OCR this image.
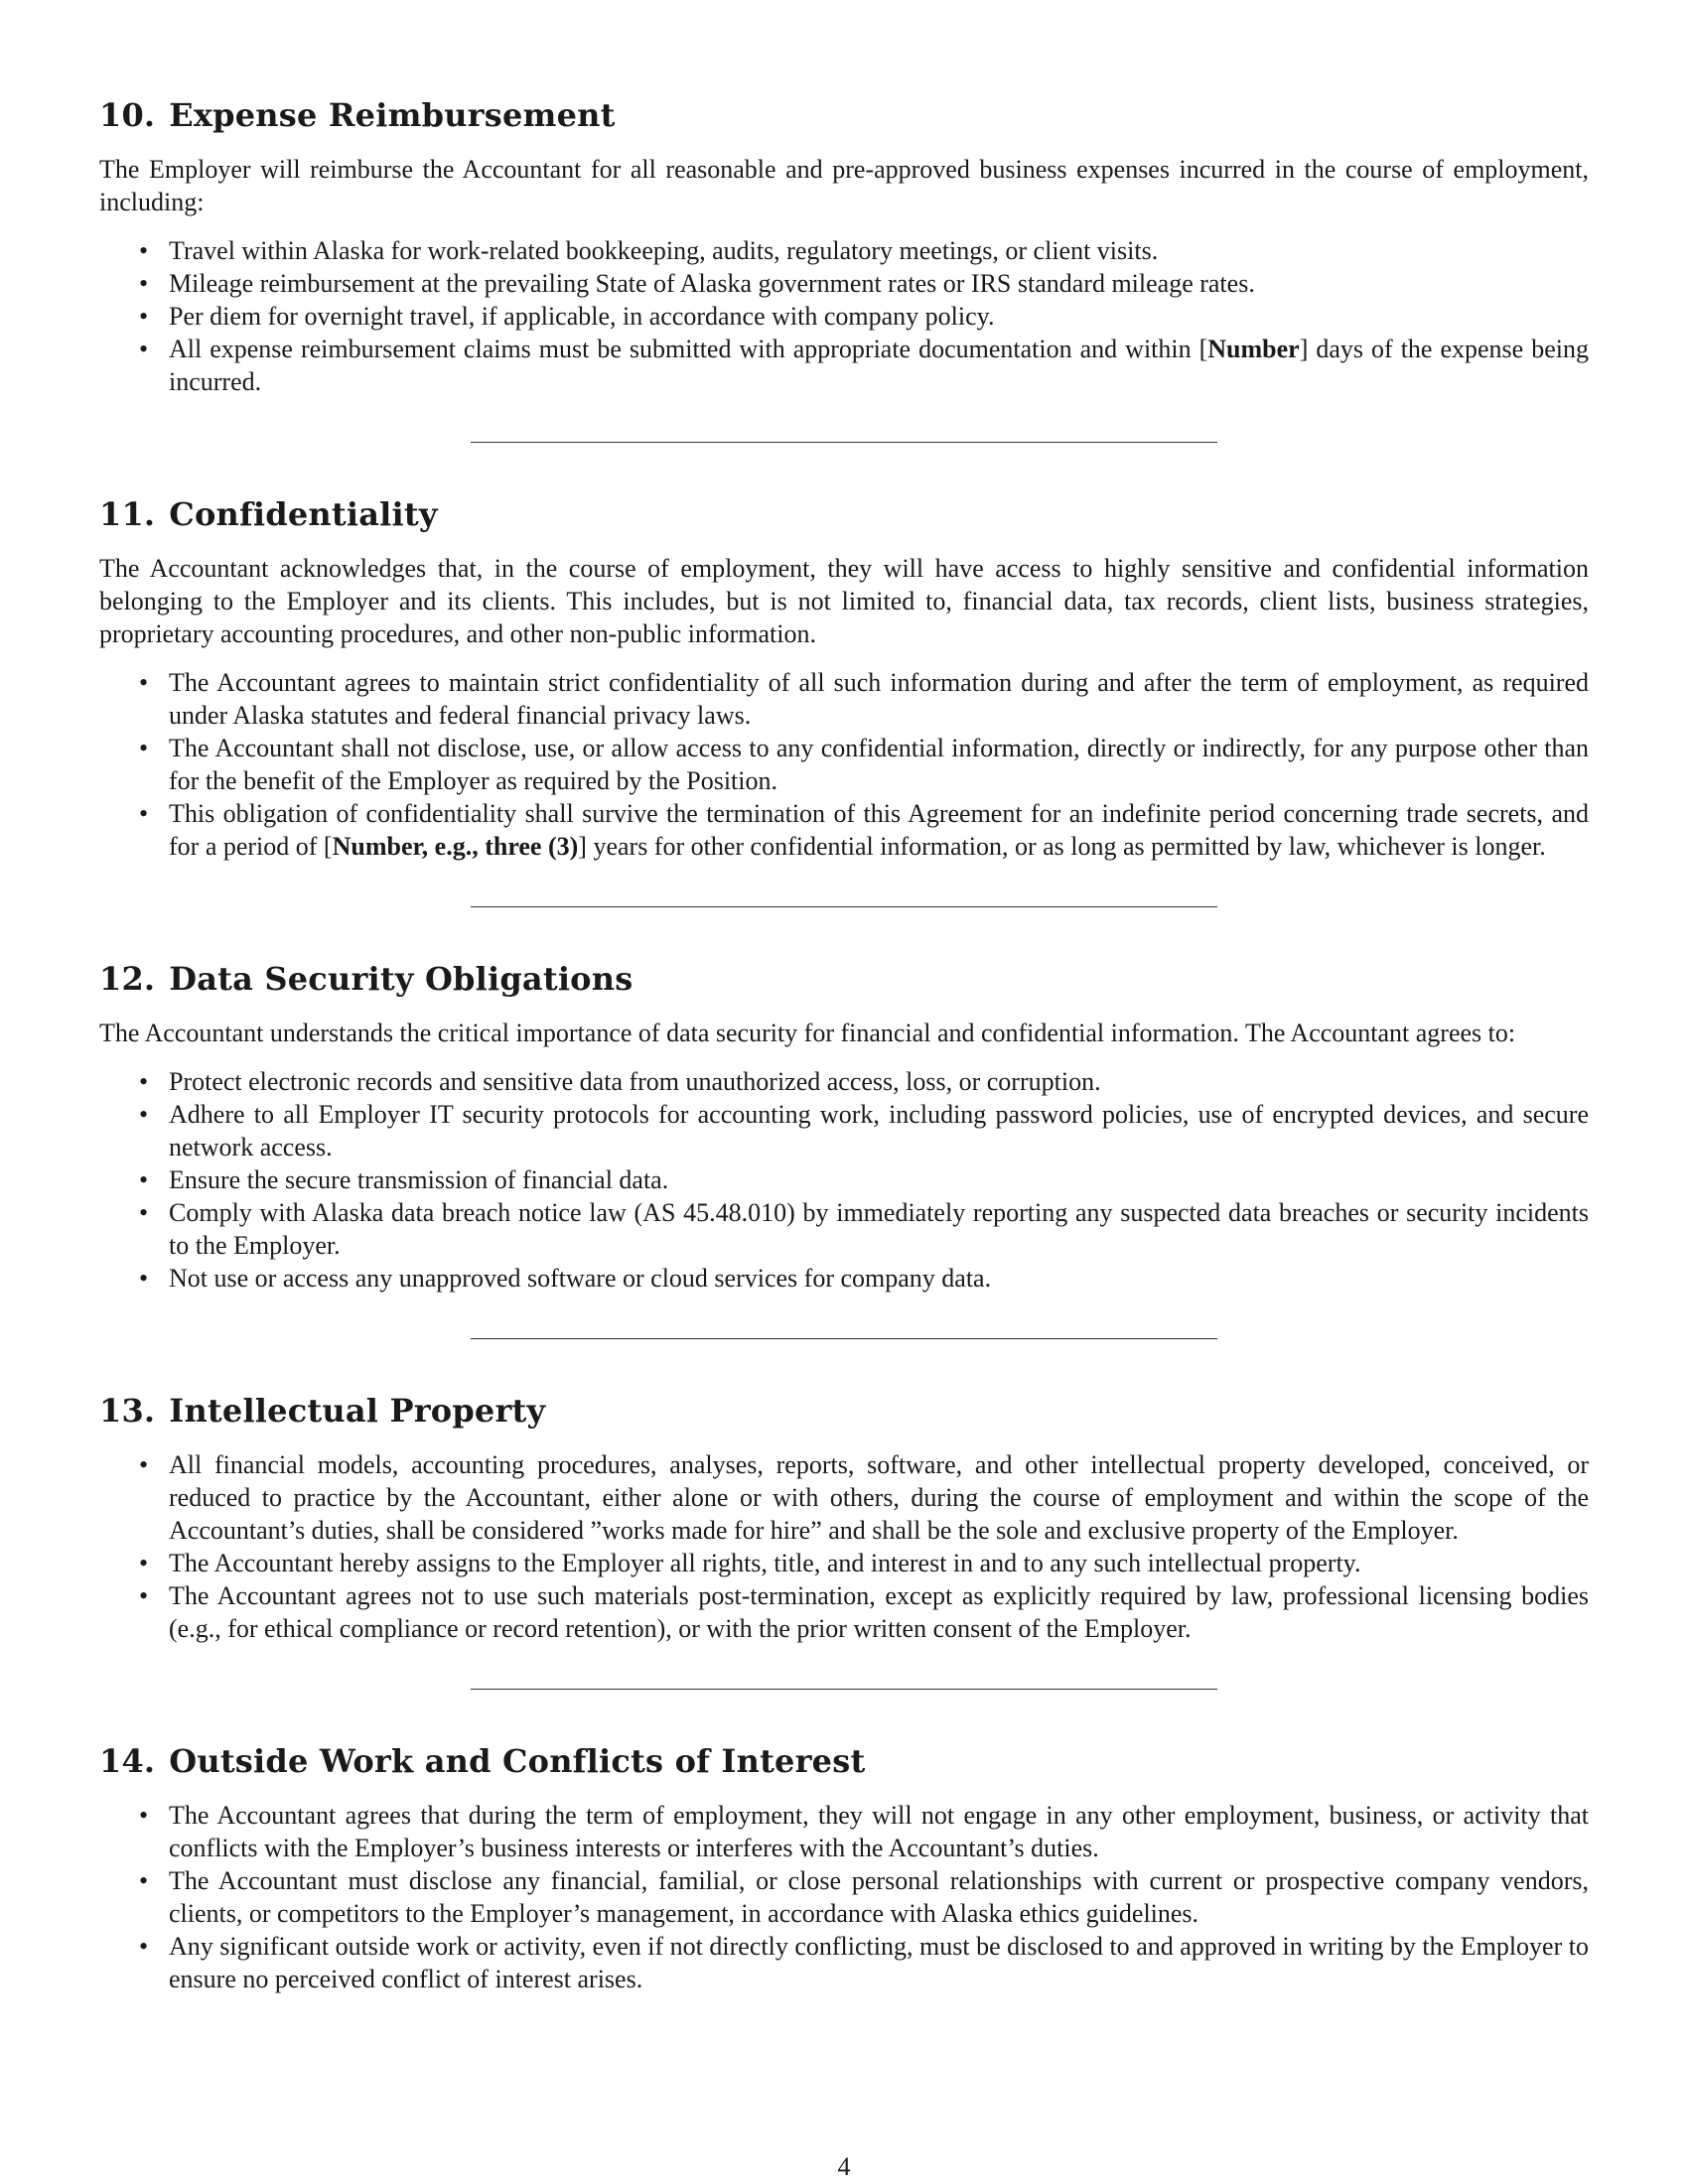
10. Expense Reimbursement

The Employer will reimburse the Accountant for all reasonable and pre-approved business expenses incurred in the course of employment, including:

• Travel within Alaska for work-related bookkeeping, audits, regulatory meetings, or client visits.
• Mileage reimbursement at the prevailing State of Alaska government rates or IRS standard mileage rates.
• Per diem for overnight travel, if applicable, in accordance with company policy.
• All expense reimbursement claims must be submitted with appropriate documentation and within [Number] days of the expense being incurred.
11. Confidentiality

The Accountant acknowledges that, in the course of employment, they will have access to highly sensitive and confidential information belonging to the Employer and its clients. This includes, but is not limited to, financial data, tax records, client lists, business strategies, proprietary accounting procedures, and other non-public information.

• The Accountant agrees to maintain strict confidentiality of all such information during and after the term of employment, as required under Alaska statutes and federal financial privacy laws.
• The Accountant shall not disclose, use, or allow access to any confidential information, directly or indirectly, for any purpose other than for the benefit of the Employer as required by the Position.
• This obligation of confidentiality shall survive the termination of this Agreement for an indefinite period concerning trade secrets, and for a period of [Number, e.g., three (3)] years for other confidential information, or as long as permitted by law, whichever is longer.
12. Data Security Obligations

The Accountant understands the critical importance of data security for financial and confidential information. The Accountant agrees to:

• Protect electronic records and sensitive data from unauthorized access, loss, or corruption.
• Adhere to all Employer IT security protocols for accounting work, including password policies, use of encrypted devices, and secure network access.
• Ensure the secure transmission of financial data.
• Comply with Alaska data breach notice law (AS 45.48.010) by immediately reporting any suspected data breaches or security incidents to the Employer.
• Not use or access any unapproved software or cloud services for company data.
13. Intellectual Property
• All financial models, accounting procedures, analyses, reports, software, and other intellectual property developed, conceived, or reduced to practice by the Accountant, either alone or with others, during the course of employment and within the scope of the Accountant’s duties, shall be considered ”works made for hire” and shall be the sole and exclusive property of the Employer.
• The Accountant hereby assigns to the Employer all rights, title, and interest in and to any such intellectual property.
• The Accountant agrees not to use such materials post-termination, except as explicitly required by law, professional licensing bodies (e.g., for ethical compliance or record retention), or with the prior written consent of the Employer.
14. Outside Work and Conflicts of Interest
• The Accountant agrees that during the term of employment, they will not engage in any other employment, business, or activity that conflicts with the Employer’s business interests or interferes with the Accountant’s duties.
• The Accountant must disclose any financial, familial, or close personal relationships with current or prospective company vendors, clients, or competitors to the Employer’s management, in accordance with Alaska ethics guidelines.
• Any significant outside work or activity, even if not directly conflicting, must be disclosed to and approved in writing by the Employer to ensure no perceived conflict of interest arises.
4
